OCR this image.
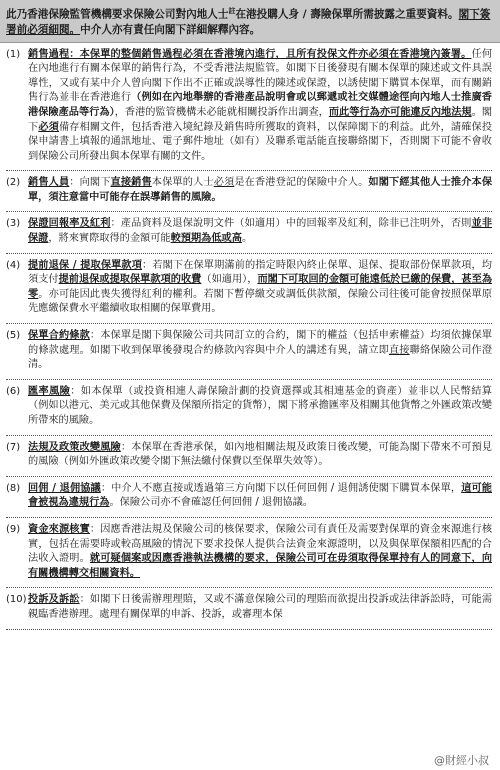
此乃香港保險監管機構要求保險公司對內地人士$^註$在港投購人身 / 壽險保單所需披露之重要資料。閣下簽署前必須細閱。中介人亦有責任向閣下詳細解釋內容。
(1) 銷售過程：本保單的整個銷售過程必須在香港境內進行，且所有投保文件亦必須在香港境內簽署。任何在內地進行有關本保單的銷售行為，不受香港法規監管。如閣下日後發現有關本保單的陳述或文件具誤導性，又或有某中介人曾向閣下作出不正確或誤導性的陳述或保證，以誘使閣下購買本保單，而有關銷售行為並非在香港進行（例如在內地舉辦的香港產品說明會或以郵遞或社交媒體途徑向內地人士推廣香港保險產品等行為），香港的監管機構未必能就相關投訴作出調查，而此等行為亦可能違反內地法規。閣下必須備存相關文件，包括香港入境紀錄及銷售時所獲取的資料，以保障閣下的利益。此外，請確保投保申請書上填報的通訊地址、電子郵件地址（如有）及聯系電話能直接聯絡閣下，否則閣下可能不會收到保險公司所發出與本保單有關的文件。
(2) 銷售人員：向閣下直接銷售本保單的人士必須是在香港登記的保險中介人。如閣下經其他人士推介本保單，須注意當中可能存在誤導銷售的風險。
(3) 保證回報率及紅利：產品資料及退保說明文件（如適用）中的回報率及紅利，除非已注明外，否則並非保證，將來實際取得的金額可能較預期為低或高。
(4) 提前退保 / 提取保單款項：若閣下在保單期滿前的指定時限內終止保單、退保、提取部份保單款項，均須支付提前退保或提取保單款項的收費（如適用），而閣下可取回的金額可能遠低於已繳的保費，甚至為零。亦可能因此喪失獲得紅利的權利。若閣下暫停繳交或調低供款額，保險公司往後可能會按照保單原先應繳保費水平繼續收取相關的保單費用。
(5) 保單合約條款：本保單是閣下與保險公司共同訂立的合約，閣下的權益（包括申索權益）均須依據保單的條款處理。如閣下收到保單後發現合約條款內容與中介人的講述有異，請立即直接聯絡保險公司作澄清。
(6) 匯率風險：如本保單（或投資相連人壽保險計劃的投資選擇或其相連基金的資產）並非以人民幣結算（例如以港元、美元或其他保費及保額所指定的貨幣），閣下將承擔匯率及相關其他貨幣之外匯政策改變所帶來的風險。
(7) 法規及政策改變風險：本保單在香港承保，如內地相關法規及政策日後改變，可能為閣下帶來不可預見的風險（例如外匯政策改變令閣下無法繳付保費以至保單失效等）。
(8) 回佣 / 退佣協議：中介人不應直接或透過第三方向閣下以任何回佣 / 退佣誘使閣下購買本保單，這可能會被視為違規行為。保險公司亦不會確認任何回佣 / 退佣協議。
(9) 資金來源核實：因應香港法規及保險公司的核保要求，保險公司有責任及需要對保單的資金來源進行核實，包括在需要時或較高風險的情況下要求投保人提供合法資金來源證明，以及與保單保額相匹配的合法收入證明。就可疑個案或因應香港執法機構的要求，保險公司可在毋須取得保單持有人的同意下，向有關機構轉交相關資料。
(10) 投訴及訴訟：如閣下日後需辦理理賠，又或不滿意保險公司的理賠而欲提出投訴或法律訴訟時，可能需親臨香港辦理。處理有關保單的申訴、投訴，或審理本保
@財經小叔
